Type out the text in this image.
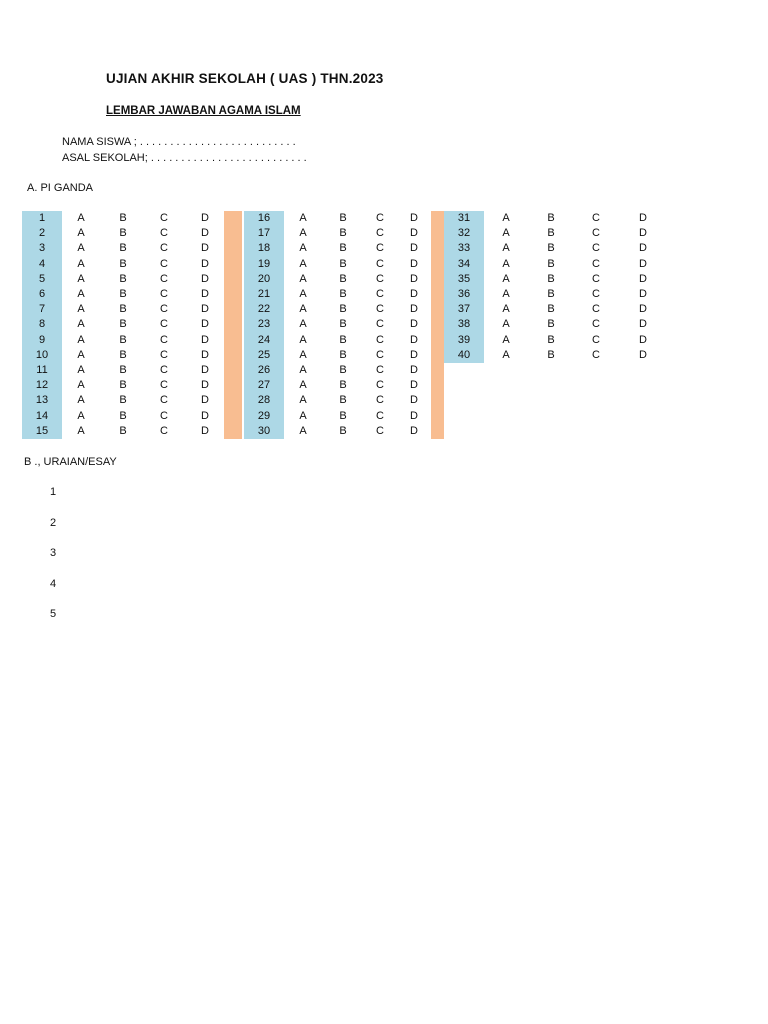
UJIAN AKHIR SEKOLAH ( UAS ) THN.2023
LEMBAR JAWABAN AGAMA ISLAM
NAMA SISWA ; . . . . . . . . . . . . . . . . . . . . . . . . . .
ASAL SEKOLAH; . . . . . . . . . . . . . . . . . . . . . . . . . .
A. PI GANDA
1	A	B	C	D
2	A	B	C	D
3	A	B	C	D
4	A	B	C	D
5	A	B	C	D
6	A	B	C	D
7	A	B	C	D
8	A	B	C	D
9	A	B	C	D
10	A	B	C	D
11	A	B	C	D
12	A	B	C	D
13	A	B	C	D
14	A	B	C	D
15	A	B	C	D
16	A	B	C	D
17	A	B	C	D
18	A	B	C	D
19	A	B	C	D
20	A	B	C	D
21	A	B	C	D
22	A	B	C	D
23	A	B	C	D
24	A	B	C	D
25	A	B	C	D
26	A	B	C	D
27	A	B	C	D
28	A	B	C	D
29	A	B	C	D
30	A	B	C	D
31	A	B	C	D
32	A	B	C	D
33	A	B	C	D
34	A	B	C	D
35	A	B	C	D
36	A	B	C	D
37	A	B	C	D
38	A	B	C	D
39	A	B	C	D
40	A	B	C	D
B ., URAIAN/ESAY
1
2
3
4
5
